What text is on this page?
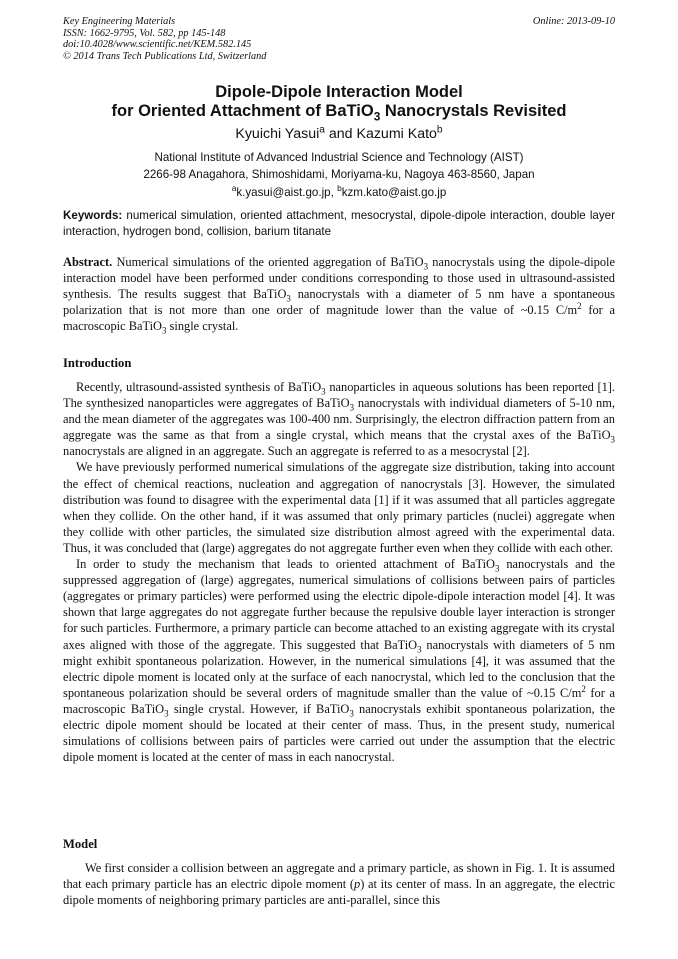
Key Engineering Materials
ISSN: 1662-9795, Vol. 582, pp 145-148
doi:10.4028/www.scientific.net/KEM.582.145
© 2014 Trans Tech Publications Ltd, Switzerland
Online: 2013-09-10
Dipole-Dipole Interaction Model
for Oriented Attachment of BaTiO$_3$ Nanocrystals Revisited
Kyuichi Yasui$^a$ and Kazumi Kato$^b$
National Institute of Advanced Industrial Science and Technology (AIST)
2266-98 Anagahora, Shimoshidami, Moriyama-ku, Nagoya 463-8560, Japan
$^a$k.yasui@aist.go.jp, $^b$kzm.kato@aist.go.jp
Keywords: numerical simulation, oriented attachment, mesocrystal, dipole-dipole interaction, double layer interaction, hydrogen bond, collision, barium titanate
Abstract. Numerical simulations of the oriented aggregation of BaTiO$_3$ nanocrystals using the dipole-dipole interaction model have been performed under conditions corresponding to those used in ultrasound-assisted synthesis. The results suggest that BaTiO$_3$ nanocrystals with a diameter of 5 nm have a spontaneous polarization that is not more than one order of magnitude lower than the value of ~0.15 $C/m^2$ for a macroscopic BaTiO$_3$ single crystal.
Introduction

Recently, ultrasound-assisted synthesis of BaTiO$_3$ nanoparticles in aqueous solutions has been reported [1]. The synthesized nanoparticles were aggregates of BaTiO$_3$ nanocrystals with individual diameters of 5-10 nm, and the mean diameter of the aggregates was 100-400 nm. Surprisingly, the electron diffraction pattern from an aggregate was the same as that from a single crystal, which means that the crystal axes of the BaTiO$_3$ nanocrystals are aligned in an aggregate. Such an aggregate is referred to as a mesocrystal [2].

We have previously performed numerical simulations of the aggregate size distribution, taking into account the effect of chemical reactions, nucleation and aggregation of nanocrystals [3]. However, the simulated distribution was found to disagree with the experimental data [1] if it was assumed that all particles aggregate when they collide. On the other hand, if it was assumed that only primary particles (nuclei) aggregate when they collide with other particles, the simulated size distribution almost agreed with the experimental data. Thus, it was concluded that (large) aggregates do not aggregate further even when they collide with each other.

In order to study the mechanism that leads to oriented attachment of BaTiO$_3$ nanocrystals and the suppressed aggregation of (large) aggregates, numerical simulations of collisions between pairs of particles (aggregates or primary particles) were performed using the electric dipole-dipole interaction model [4]. It was shown that large aggregates do not aggregate further because the repulsive double layer interaction is stronger for such particles. Furthermore, a primary particle can become attached to an existing aggregate with its crystal axes aligned with those of the aggregate. This suggested that BaTiO$_3$ nanocrystals with diameters of 5 nm might exhibit spontaneous polarization. However, in the numerical simulations [4], it was assumed that the electric dipole moment is located only at the surface of each nanocrystal, which led to the conclusion that the spontaneous polarization should be several orders of magnitude smaller than the value of ~0.15 $C/m^2$ for a macroscopic BaTiO$_3$ single crystal. However, if BaTiO$_3$ nanocrystals exhibit spontaneous polarization, the electric dipole moment should be located at their center of mass. Thus, in the present study, numerical simulations of collisions between pairs of particles were carried out under the assumption that the electric dipole moment is located at the center of mass in each nanocrystal.

Model

We first consider a collision between an aggregate and a primary particle, as shown in Fig. 1. It is assumed that each primary particle has an electric dipole moment (p) at its center of mass. In an aggregate, the electric dipole moments of neighboring primary particles are anti-parallel, since this
